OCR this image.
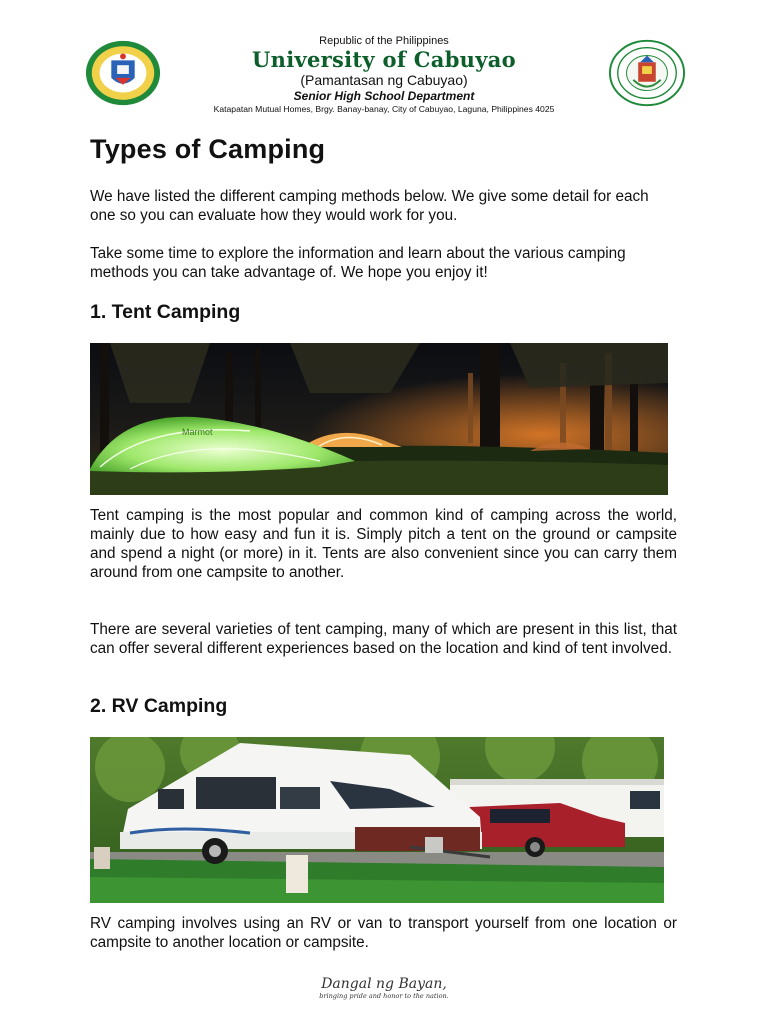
Republic of the Philippines
University of Cabuyao
(Pamantasan ng Cabuyao)
Senior High School Department
Katapatan Mutual Homes, Brgy. Banay-banay, City of Cabuyao, Laguna, Philippines 4025
Types of Camping

We have listed the different camping methods below. We give some detail for each one so you can evaluate how they would work for you.

Take some time to explore the information and learn about the various camping methods you can take advantage of. We hope you enjoy it!

1. Tent Camping
Marmot

Tent camping is the most popular and common kind of camping across the world, mainly due to how easy and fun it is. Simply pitch a tent on the ground or campsite and spend a night (or more) in it. Tents are also convenient since you can carry them around from one campsite to another.

There are several varieties of tent camping, many of which are present in this list, that can offer several different experiences based on the location and kind of tent involved.

2. RV Camping

RV camping involves using an RV or van to transport yourself from one location or campsite to another location or campsite.

Dangal ng Bayan,
bringing pride and honor to the nation.
